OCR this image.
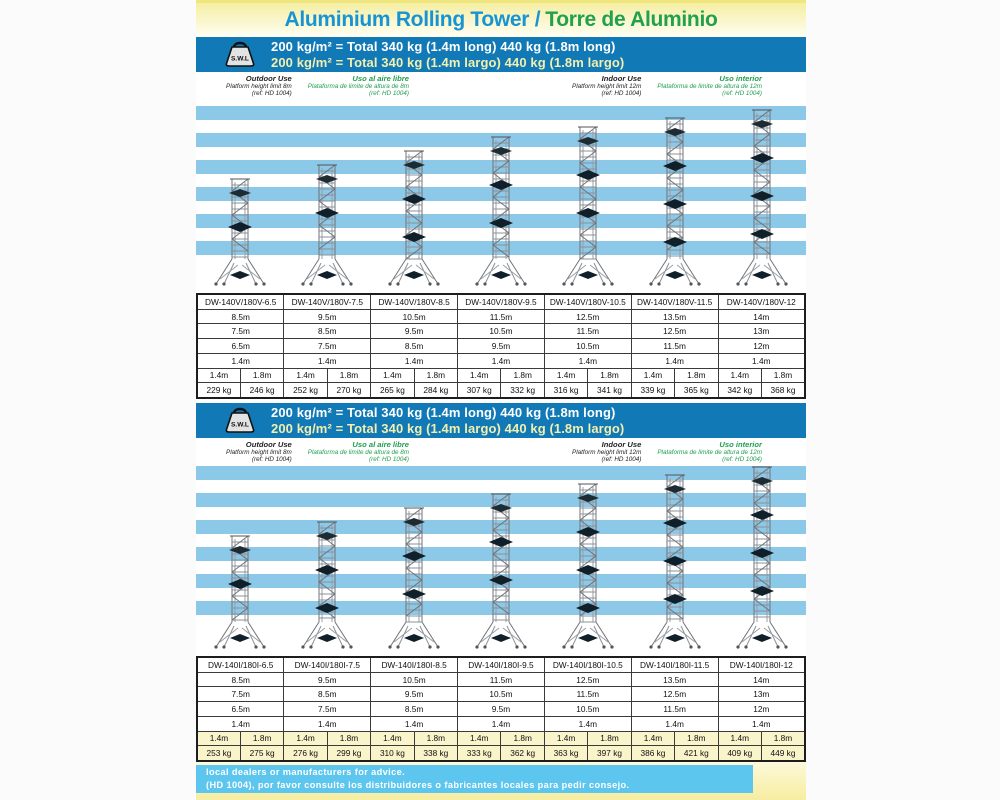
Aluminium Rolling Tower / Torre de Aluminio
S.W.L
200 kg/m² = Total 340 kg (1.4m long) 440 kg (1.8m long)
200 kg/m² = Total 340 kg (1.4m largo) 440 kg (1.8m largo)
Outdoor Use
Platform height limit 8m
(ref: HD 1004)
Uso al aire libre
Plataforma de limite de altura de 8m
(ref: HD 1004)
Indoor Use
Platform height limit 12m
(ref: HD 1004)
Uso interior
Plataforma de limite de altura de 12m
(ref: HD 1004)
DW-140V/180V-6.5		DW-140V/180V-7.5		DW-140V/180V-8.5		DW-140V/180V-9.5		DW-140V/180V-10.5		DW-140V/180V-11.5		DW-140V/180V-12	
8.5m		9.5m		10.5m		11.5m		12.5m		13.5m		14m	
7.5m		8.5m		9.5m		10.5m		11.5m		12.5m		13m	
6.5m		7.5m		8.5m		9.5m		10.5m		11.5m		12m	
1.4m		1.4m		1.4m		1.4m		1.4m		1.4m		1.4m	
1.4m	1.8m	1.4m	1.8m	1.4m	1.8m	1.4m	1.8m	1.4m	1.8m	1.4m	1.8m	1.4m	1.8m
229 kg	246 kg	252 kg	270 kg	265 kg	284 kg	307 kg	332 kg	316 kg	341 kg	339 kg	365 kg	342 kg	368 kg
S.W.L
200 kg/m² = Total 340 kg (1.4m long) 440 kg (1.8m long)
200 kg/m² = Total 340 kg (1.4m largo) 440 kg (1.8m largo)
Outdoor Use
Platform height limit 8m
(ref: HD 1004)
Uso al aire libre
Plataforma de limite de altura de 8m
(ref: HD 1004)
Indoor Use
Platform height limit 12m
(ref: HD 1004)
Uso interior
Plataforma de limite de altura de 12m
(ref: HD 1004)
DW-140I/180I-6.5		DW-140I/180I-7.5		DW-140I/180I-8.5		DW-140I/180I-9.5		DW-140I/180I-10.5		DW-140I/180I-11.5		DW-140I/180I-12	
8.5m		9.5m		10.5m		11.5m		12.5m		13.5m		14m	
7.5m		8.5m		9.5m		10.5m		11.5m		12.5m		13m	
6.5m		7.5m		8.5m		9.5m		10.5m		11.5m		12m	
1.4m		1.4m		1.4m		1.4m		1.4m		1.4m		1.4m	
1.4m	1.8m	1.4m	1.8m	1.4m	1.8m	1.4m	1.8m	1.4m	1.8m	1.4m	1.8m	1.4m	1.8m
253 kg	275 kg	276 kg	299 kg	310 kg	338 kg	333 kg	362 kg	363 kg	397 kg	386 kg	421 kg	409 kg	449 kg
local dealers or manufacturers for advice.
(HD 1004), por favor consulte los distribuidores o fabricantes locales para pedir consejo.
